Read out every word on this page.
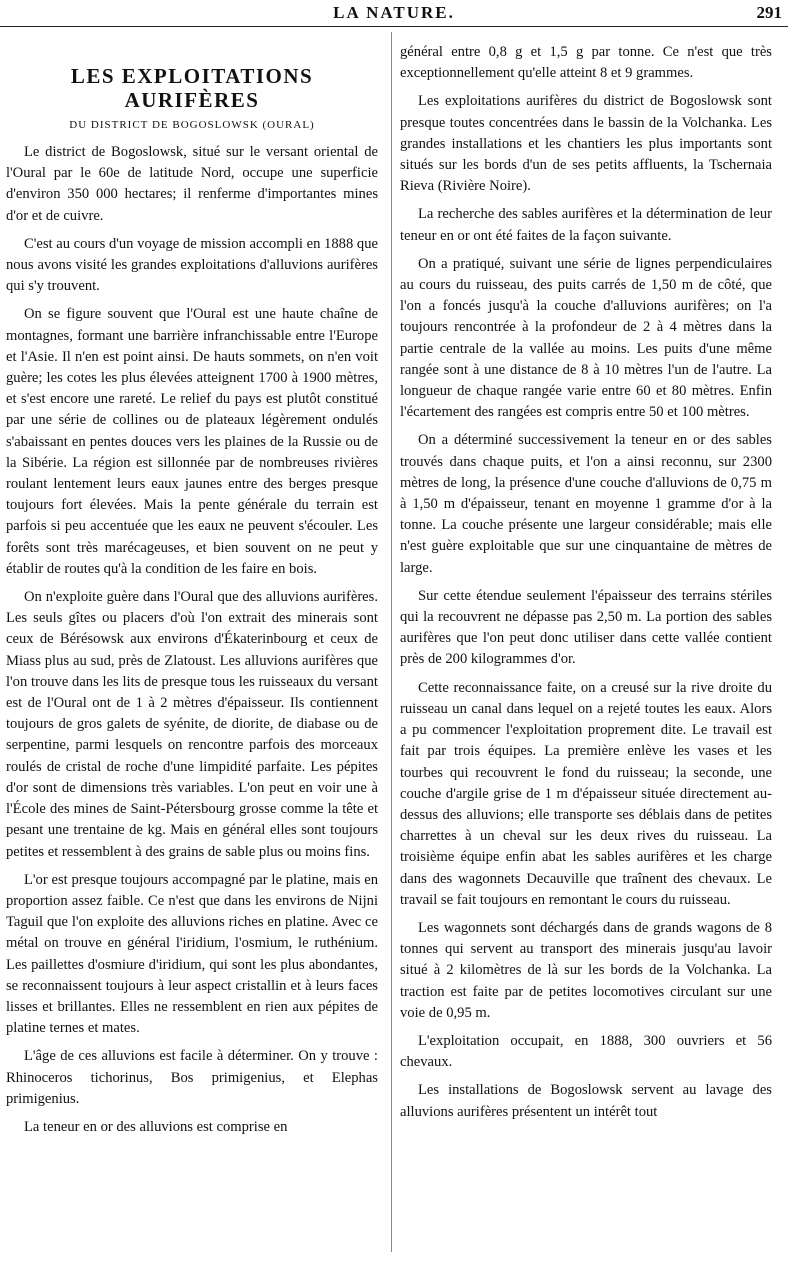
LA NATURE.	291
LES EXPLOITATIONS AURIFÈRES
DU DISTRICT DE BOGOSLOWSK (OURAL)

Le district de Bogoslowsk, situé sur le versant oriental de l'Oural par le 60e de latitude Nord, occupe une superficie d'environ 350 000 hectares; il renferme d'importantes mines d'or et de cuivre.

C'est au cours d'un voyage de mission accompli en 1888 que nous avons visité les grandes exploitations d'alluvions aurifères qui s'y trouvent.

On se figure souvent que l'Oural est une haute chaîne de montagnes, formant une barrière infranchissable entre l'Europe et l'Asie. Il n'en est point ainsi. De hauts sommets, on n'en voit guère; les cotes les plus élevées atteignent 1700 à 1900 mètres, et s'est encore une rareté. Le relief du pays est plutôt constitué par une série de collines ou de plateaux légèrement ondulés s'abaissant en pentes douces vers les plaines de la Russie ou de la Sibérie. La région est sillonnée par de nombreuses rivières roulant lentement leurs eaux jaunes entre des berges presque toujours fort élevées. Mais la pente générale du terrain est parfois si peu accentuée que les eaux ne peuvent s'écouler. Les forêts sont très marécageuses, et bien souvent on ne peut y établir de routes qu'à la condition de les faire en bois.

On n'exploite guère dans l'Oural que des alluvions aurifères. Les seuls gîtes ou placers d'où l'on extrait des minerais sont ceux de Bérésowsk aux environs d'Ékaterinbourg et ceux de Miass plus au sud, près de Zlatoust. Les alluvions aurifères que l'on trouve dans les lits de presque tous les ruisseaux du versant est de l'Oural ont de 1 à 2 mètres d'épaisseur. Ils contiennent toujours de gros galets de syénite, de diorite, de diabase ou de serpentine, parmi lesquels on rencontre parfois des morceaux roulés de cristal de roche d'une limpidité parfaite. Les pépites d'or sont de dimensions très variables. L'on peut en voir une à l'École des mines de Saint-Pétersbourg grosse comme la tête et pesant une trentaine de kg. Mais en général elles sont toujours petites et ressemblent à des grains de sable plus ou moins fins.

L'or est presque toujours accompagné par le platine, mais en proportion assez faible. Ce n'est que dans les environs de Nijni Taguil que l'on exploite des alluvions riches en platine. Avec ce métal on trouve en général l'iridium, l'osmium, le ruthénium. Les paillettes d'osmiure d'iridium, qui sont les plus abondantes, se reconnaissent toujours à leur aspect cristallin et à leurs faces lisses et brillantes. Elles ne ressemblent en rien aux pépites de platine ternes et mates.

L'âge de ces alluvions est facile à déterminer. On y trouve : Rhinoceros tichorinus, Bos primigenius, et Elephas primigenius.

La teneur en or des alluvions est comprise en

général entre 0,8 g et 1,5 g par tonne. Ce n'est que très exceptionnellement qu'elle atteint 8 et 9 grammes.

Les exploitations aurifères du district de Bogoslowsk sont presque toutes concentrées dans le bassin de la Volchanka. Les grandes installations et les chantiers les plus importants sont situés sur les bords d'un de ses petits affluents, la Tschernaia Rieva (Rivière Noire).

La recherche des sables aurifères et la détermination de leur teneur en or ont été faites de la façon suivante.

On a pratiqué, suivant une série de lignes perpendiculaires au cours du ruisseau, des puits carrés de 1,50 m de côté, que l'on a foncés jusqu'à la couche d'alluvions aurifères; on l'a toujours rencontrée à la profondeur de 2 à 4 mètres dans la partie centrale de la vallée au moins. Les puits d'une même rangée sont à une distance de 8 à 10 mètres l'un de l'autre. La longueur de chaque rangée varie entre 60 et 80 mètres. Enfin l'écartement des rangées est compris entre 50 et 100 mètres.

On a déterminé successivement la teneur en or des sables trouvés dans chaque puits, et l'on a ainsi reconnu, sur 2300 mètres de long, la présence d'une couche d'alluvions de 0,75 m à 1,50 m d'épaisseur, tenant en moyenne 1 gramme d'or à la tonne. La couche présente une largeur considérable; mais elle n'est guère exploitable que sur une cinquantaine de mètres de large.

Sur cette étendue seulement l'épaisseur des terrains stériles qui la recouvrent ne dépasse pas 2,50 m. La portion des sables aurifères que l'on peut donc utiliser dans cette vallée contient près de 200 kilogrammes d'or.

Cette reconnaissance faite, on a creusé sur la rive droite du ruisseau un canal dans lequel on a rejeté toutes les eaux. Alors a pu commencer l'exploitation proprement dite. Le travail est fait par trois équipes. La première enlève les vases et les tourbes qui recouvrent le fond du ruisseau; la seconde, une couche d'argile grise de 1 m d'épaisseur située directement au-dessus des alluvions; elle transporte ses déblais dans de petites charrettes à un cheval sur les deux rives du ruisseau. La troisième équipe enfin abat les sables aurifères et les charge dans des wagonnets Decauville que traînent des chevaux. Le travail se fait toujours en remontant le cours du ruisseau.

Les wagonnets sont déchargés dans de grands wagons de 8 tonnes qui servent au transport des minerais jusqu'au lavoir situé à 2 kilomètres de là sur les bords de la Volchanka. La traction est faite par de petites locomotives circulant sur une voie de 0,95 m.

L'exploitation occupait, en 1888, 300 ouvriers et 56 chevaux.

Les installations de Bogoslowsk servent au lavage des alluvions aurifères présentent un intérêt tout
